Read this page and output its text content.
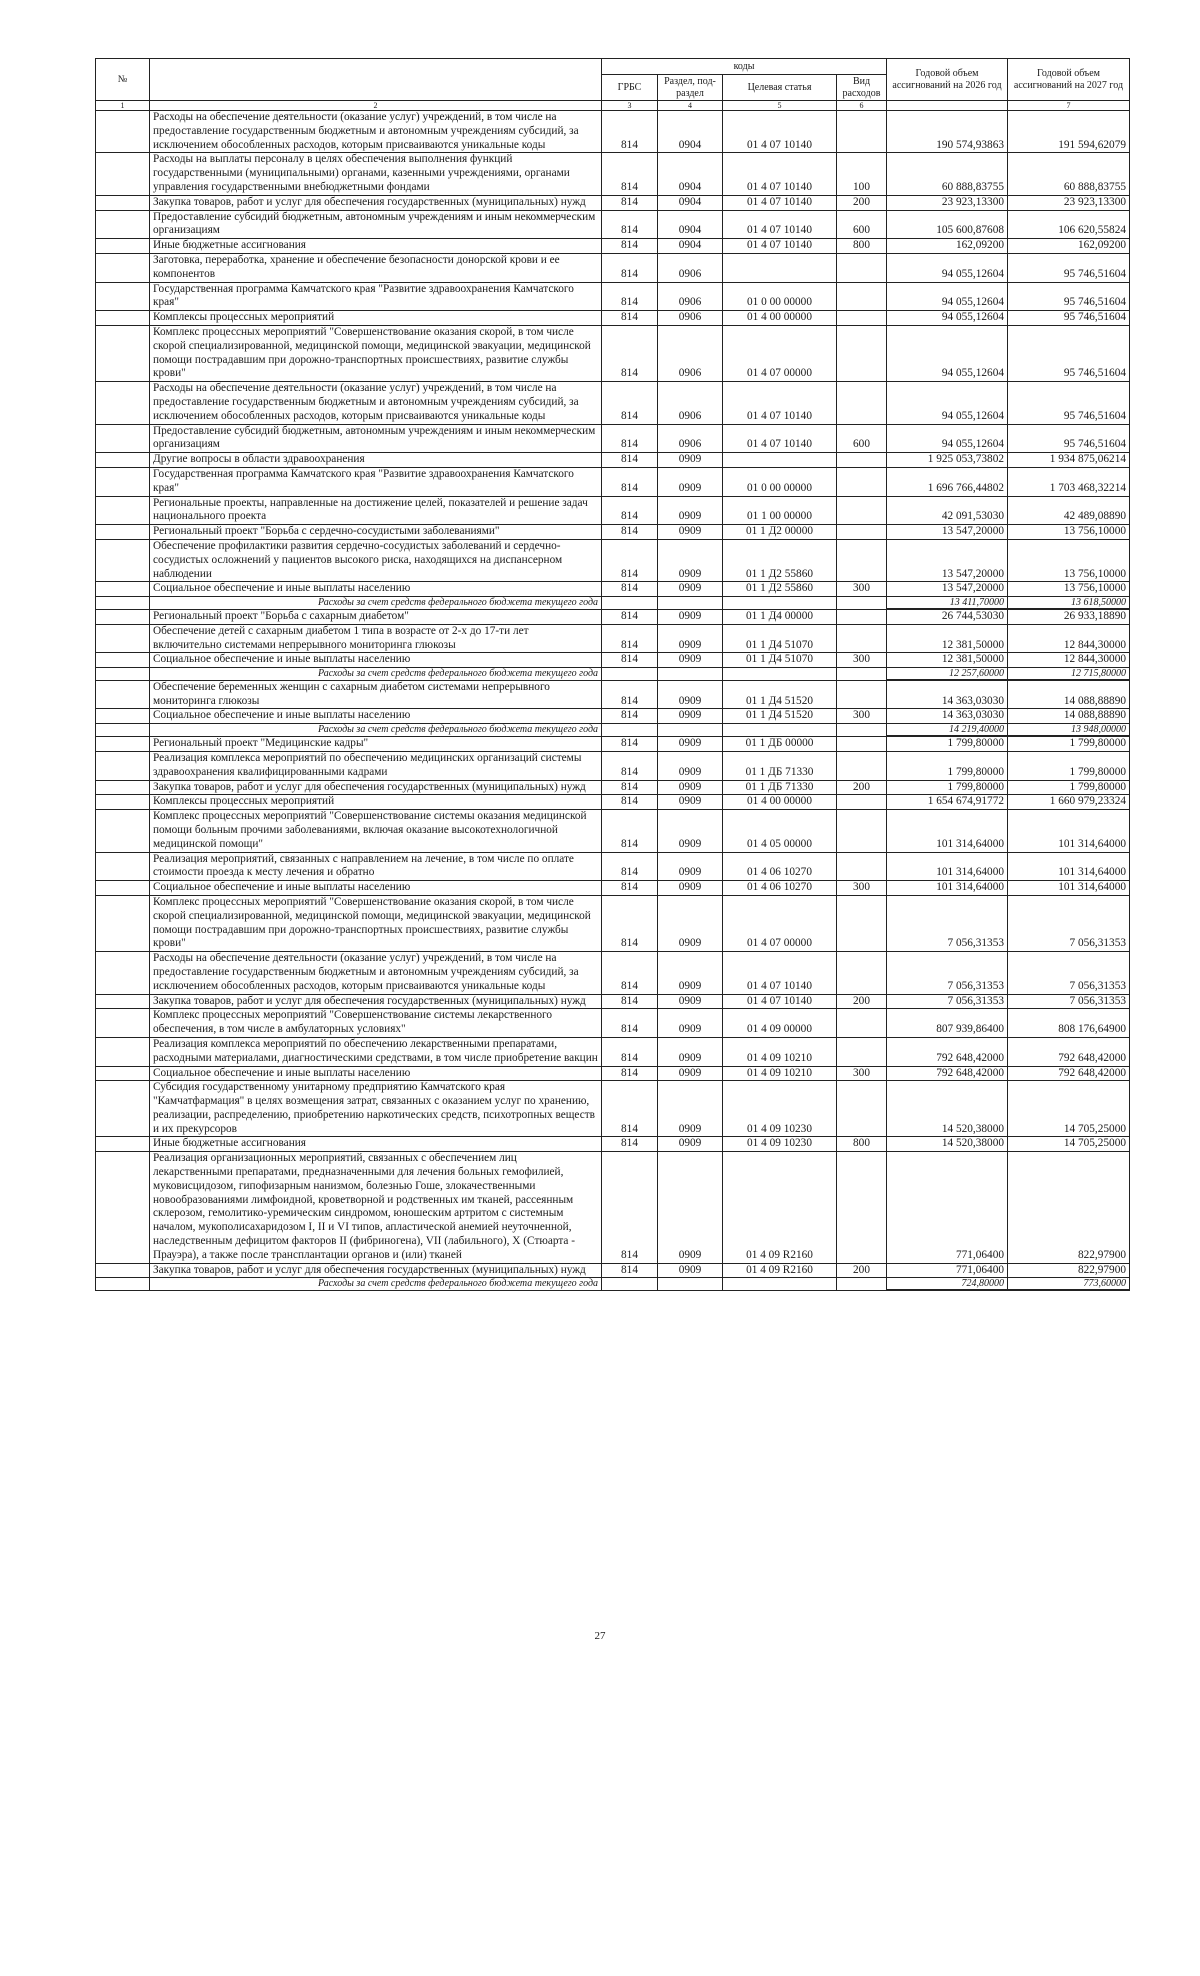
№		коды				Годовой объем ассигнований на 2026 год	Годовой объем ассигнований на 2027 год
		ГРБС	Раздел, под-раздел	Целевая статья	Вид расходов		
1	2	3	4	5	6		7
	Расходы на обеспечение деятельности (оказание услуг) учреждений, в том числе на предоставление государственным бюджетным и автономным учреждениям субсидий, за исключением обособленных расходов, которым присваиваются уникальные коды	814	0904	01 4 07 10140		190 574,93863	191 594,62079
	Расходы на выплаты персоналу в целях обеспечения выполнения функций государственными (муниципальными) органами, казенными учреждениями, органами управления государственными внебюджетными фондами	814	0904	01 4 07 10140	100	60 888,83755	60 888,83755
	Закупка товаров, работ и услуг для обеспечения государственных (муниципальных) нужд	814	0904	01 4 07 10140	200	23 923,13300	23 923,13300
	Предоставление субсидий бюджетным, автономным учреждениям и иным некоммерческим организациям	814	0904	01 4 07 10140	600	105 600,87608	106 620,55824
	Иные бюджетные ассигнования	814	0904	01 4 07 10140	800	162,09200	162,09200
	Заготовка, переработка, хранение и обеспечение безопасности донорской крови и ее компонентов	814	0906			94 055,12604	95 746,51604
	Государственная программа Камчатского края "Развитие здравоохранения Камчатского края"	814	0906	01 0 00 00000		94 055,12604	95 746,51604
	Комплексы процессных мероприятий	814	0906	01 4 00 00000		94 055,12604	95 746,51604
	Комплекс процессных мероприятий "Совершенствование оказания скорой, в том числе скорой специализированной, медицинской помощи, медицинской эвакуации, медицинской помощи пострадавшим при дорожно-транспортных происшествиях, развитие службы крови"	814	0906	01 4 07 00000		94 055,12604	95 746,51604
	Расходы на обеспечение деятельности (оказание услуг) учреждений, в том числе на предоставление государственным бюджетным и автономным учреждениям субсидий, за исключением обособленных расходов, которым присваиваются уникальные коды	814	0906	01 4 07 10140		94 055,12604	95 746,51604
	Предоставление субсидий бюджетным, автономным учреждениям и иным некоммерческим организациям	814	0906	01 4 07 10140	600	94 055,12604	95 746,51604
	Другие вопросы в области здравоохранения	814	0909			1 925 053,73802	1 934 875,06214
	Государственная программа Камчатского края "Развитие здравоохранения Камчатского края"	814	0909	01 0 00 00000		1 696 766,44802	1 703 468,32214
	Региональные проекты, направленные на достижение целей, показателей и решение задач национального проекта	814	0909	01 1 00 00000		42 091,53030	42 489,08890
	Региональный проект "Борьба с сердечно-сосудистыми заболеваниями"	814	0909	01 1 Д2 00000		13 547,20000	13 756,10000
	Обеспечение профилактики развития сердечно-сосудистых заболеваний и сердечно-сосудистых осложнений у пациентов высокого риска, находящихся на диспансерном наблюдении	814	0909	01 1 Д2 55860		13 547,20000	13 756,10000
	Социальное обеспечение и иные выплаты населению	814	0909	01 1 Д2 55860	300	13 547,20000	13 756,10000
	Расходы за счет средств федерального бюджета текущего года					13 411,70000	13 618,50000
	Региональный проект "Борьба с сахарным диабетом"	814	0909	01 1 Д4 00000		26 744,53030	26 933,18890
	Обеспечение детей с сахарным диабетом 1 типа в возрасте от 2-х до 17-ти лет включительно системами непрерывного мониторинга глюкозы	814	0909	01 1 Д4 51070		12 381,50000	12 844,30000
	Социальное обеспечение и иные выплаты населению	814	0909	01 1 Д4 51070	300	12 381,50000	12 844,30000
	Расходы за счет средств федерального бюджета текущего года					12 257,60000	12 715,80000
	Обеспечение беременных женщин с сахарным диабетом системами непрерывного мониторинга глюкозы	814	0909	01 1 Д4 51520		14 363,03030	14 088,88890
	Социальное обеспечение и иные выплаты населению	814	0909	01 1 Д4 51520	300	14 363,03030	14 088,88890
	Расходы за счет средств федерального бюджета текущего года					14 219,40000	13 948,00000
	Региональный проект "Медицинские кадры"	814	0909	01 1 ДБ 00000		1 799,80000	1 799,80000
	Реализация комплекса мероприятий по обеспечению медицинских организаций системы здравоохранения квалифицированными кадрами	814	0909	01 1 ДБ 71330		1 799,80000	1 799,80000
	Закупка товаров, работ и услуг для обеспечения государственных (муниципальных) нужд	814	0909	01 1 ДБ 71330	200	1 799,80000	1 799,80000
	Комплексы процессных мероприятий	814	0909	01 4 00 00000		1 654 674,91772	1 660 979,23324
	Комплекс процессных мероприятий "Совершенствование системы оказания медицинской помощи больным прочими заболеваниями, включая оказание высокотехнологичной медицинской помощи"	814	0909	01 4 05 00000		101 314,64000	101 314,64000
	Реализация мероприятий, связанных с направлением на лечение, в том числе по оплате стоимости проезда к месту лечения и обратно	814	0909	01 4 06 10270		101 314,64000	101 314,64000
	Социальное обеспечение и иные выплаты населению	814	0909	01 4 06 10270	300	101 314,64000	101 314,64000
	Комплекс процессных мероприятий "Совершенствование оказания скорой, в том числе скорой специализированной, медицинской помощи, медицинской эвакуации, медицинской помощи пострадавшим при дорожно-транспортных происшествиях, развитие службы крови"	814	0909	01 4 07 00000		7 056,31353	7 056,31353
	Расходы на обеспечение деятельности (оказание услуг) учреждений, в том числе на предоставление государственным бюджетным и автономным учреждениям субсидий, за исключением обособленных расходов, которым присваиваются уникальные коды	814	0909	01 4 07 10140		7 056,31353	7 056,31353
	Закупка товаров, работ и услуг для обеспечения государственных (муниципальных) нужд	814	0909	01 4 07 10140	200	7 056,31353	7 056,31353
	Комплекс процессных мероприятий "Совершенствование системы лекарственного обеспечения, в том числе в амбулаторных условиях"	814	0909	01 4 09 00000		807 939,86400	808 176,64900
	Реализация комплекса мероприятий по обеспечению лекарственными препаратами, расходными материалами, диагностическими средствами, в том числе приобретение вакцин	814	0909	01 4 09 10210		792 648,42000	792 648,42000
	Социальное обеспечение и иные выплаты населению	814	0909	01 4 09 10210	300	792 648,42000	792 648,42000
	Субсидия государственному унитарному предприятию Камчатского края "Камчатфармация" в целях возмещения затрат, связанных с оказанием услуг по хранению, реализации, распределению, приобретению наркотических средств, психотропных веществ и их прекурсоров	814	0909	01 4 09 10230		14 520,38000	14 705,25000
	Иные бюджетные ассигнования	814	0909	01 4 09 10230	800	14 520,38000	14 705,25000
	Реализация организационных мероприятий, связанных с обеспечением лиц лекарственными препаратами, предназначенными для лечения больных гемофилией, муковисцидозом, гипофизарным нанизмом, болезнью Гоше, злокачественными новообразованиями лимфоидной, кроветворной и родственных им тканей, рассеянным склерозом, гемолитико-уремическим синдромом, юношеским артритом с системным началом, мукополисахаридозом I, II и VI типов, апластической анемией неуточненной, наследственным дефицитом факторов II (фибриногена), VII (лабильного), X (Стюарта - Прауэра), а также после трансплантации органов и (или) тканей	814	0909	01 4 09 R2160		771,06400	822,97900
	Закупка товаров, работ и услуг для обеспечения государственных (муниципальных) нужд	814	0909	01 4 09 R2160	200	771,06400	822,97900
	Расходы за счет средств федерального бюджета текущего года					724,80000	773,60000
27
